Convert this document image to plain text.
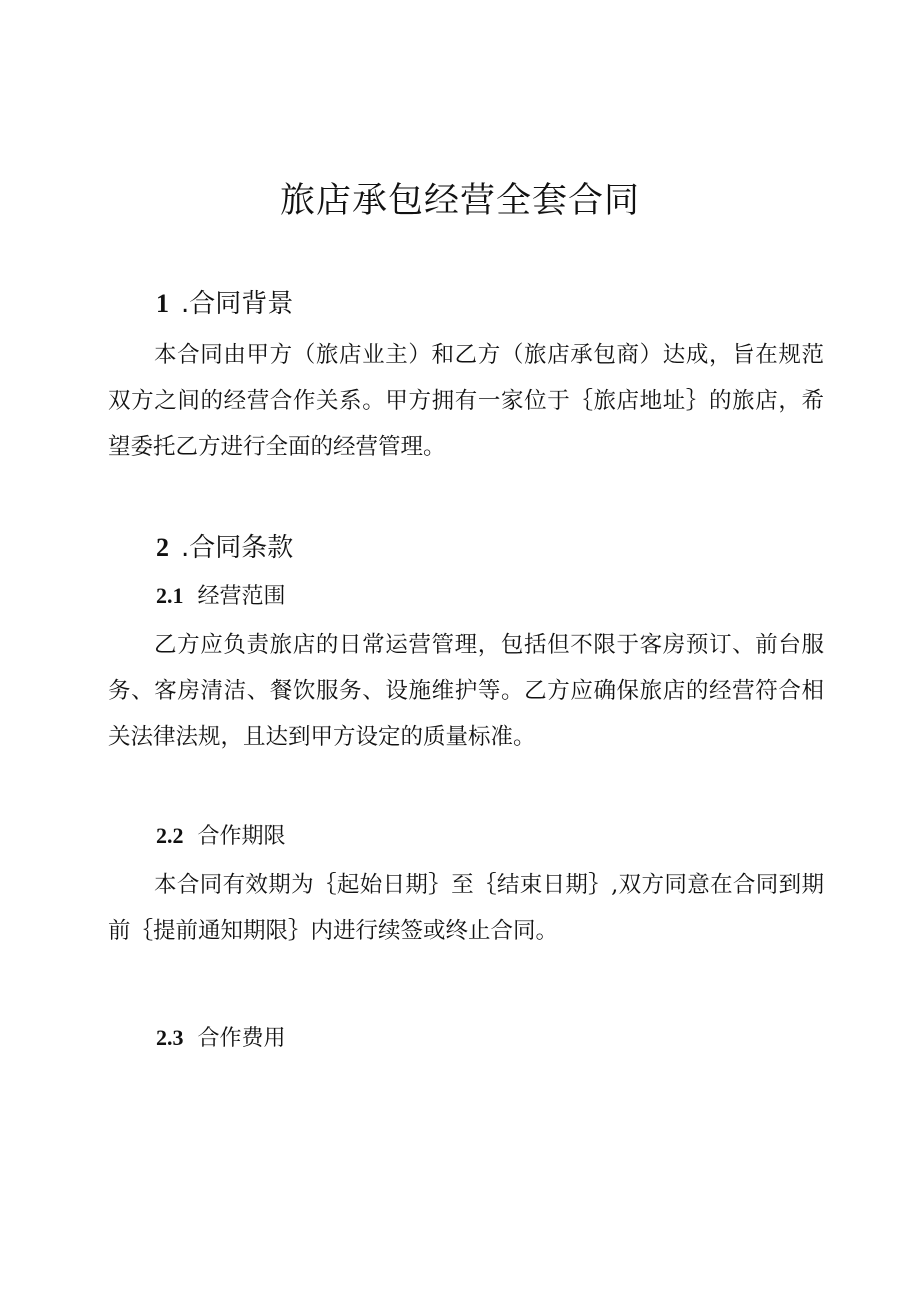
旅店承包经营全套合同
1 .合同背景

本合同由甲方（旅店业主）和乙方（旅店承包商）达成，旨在规范双方之间的经营合作关系。甲方拥有一家位于｛旅店地址｝的旅店，希望委托乙方进行全面的经营管理。

2 .合同条款
2.1 经营范围

乙方应负责旅店的日常运营管理，包括但不限于客房预订、前台服务、客房清洁、餐饮服务、设施维护等。乙方应确保旅店的经营符合相关法律法规，且达到甲方设定的质量标准。

2.2 合作期限

本合同有效期为｛起始日期｝至｛结束日期｝,双方同意在合同到期前｛提前通知期限｝内进行续签或终止合同。

2.3 合作费用
